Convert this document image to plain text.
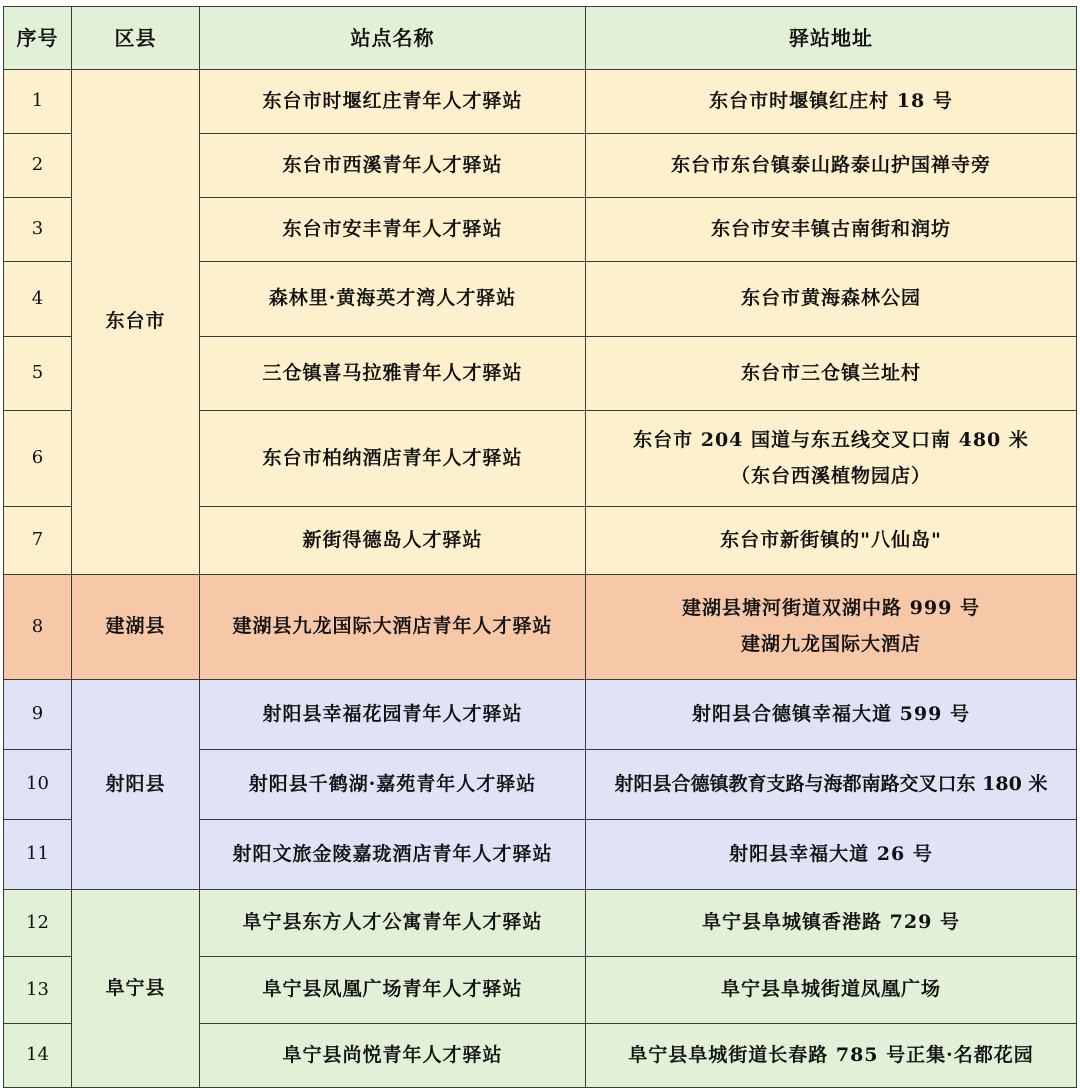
序号	区县	站点名称	驿站地址
1	东台市	东台市时堰红庄青年人才驿站	东台市时堰镇红庄村 18 号

2		东台市西溪青年人才驿站	东台市东台镇泰山路泰山护国禅寺旁

3		东台市安丰青年人才驿站	东台市安丰镇古南街和润坊

4		森林里·黄海英才湾人才驿站	东台市黄海森林公园

5		三仓镇喜马拉雅青年人才驿站	东台市三仓镇兰址村

6		东台市柏纳酒店青年人才驿站	东台市 204 国道与东五线交叉口南 480 米
（东台西溪植物园店）

7		新街得德岛人才驿站	东台市新街镇的"八仙岛"

8	建湖县	建湖县九龙国际大酒店青年人才驿站	建湖县塘河街道双湖中路 999 号
建湖九龙国际大酒店

9	射阳县	射阳县幸福花园青年人才驿站	射阳县合德镇幸福大道 599 号

10		射阳县千鹤湖·嘉苑青年人才驿站	射阳县合德镇教育支路与海都南路交叉口东 180 米

11		射阳文旅金陵嘉珑酒店青年人才驿站	射阳县幸福大道 26 号

12	阜宁县	阜宁县东方人才公寓青年人才驿站	阜宁县阜城镇香港路 729 号

13		阜宁县凤凰广场青年人才驿站	阜宁县阜城街道凤凰广场

14		阜宁县尚悦青年人才驿站	阜宁县阜城街道长春路 785 号正集·名都花园
